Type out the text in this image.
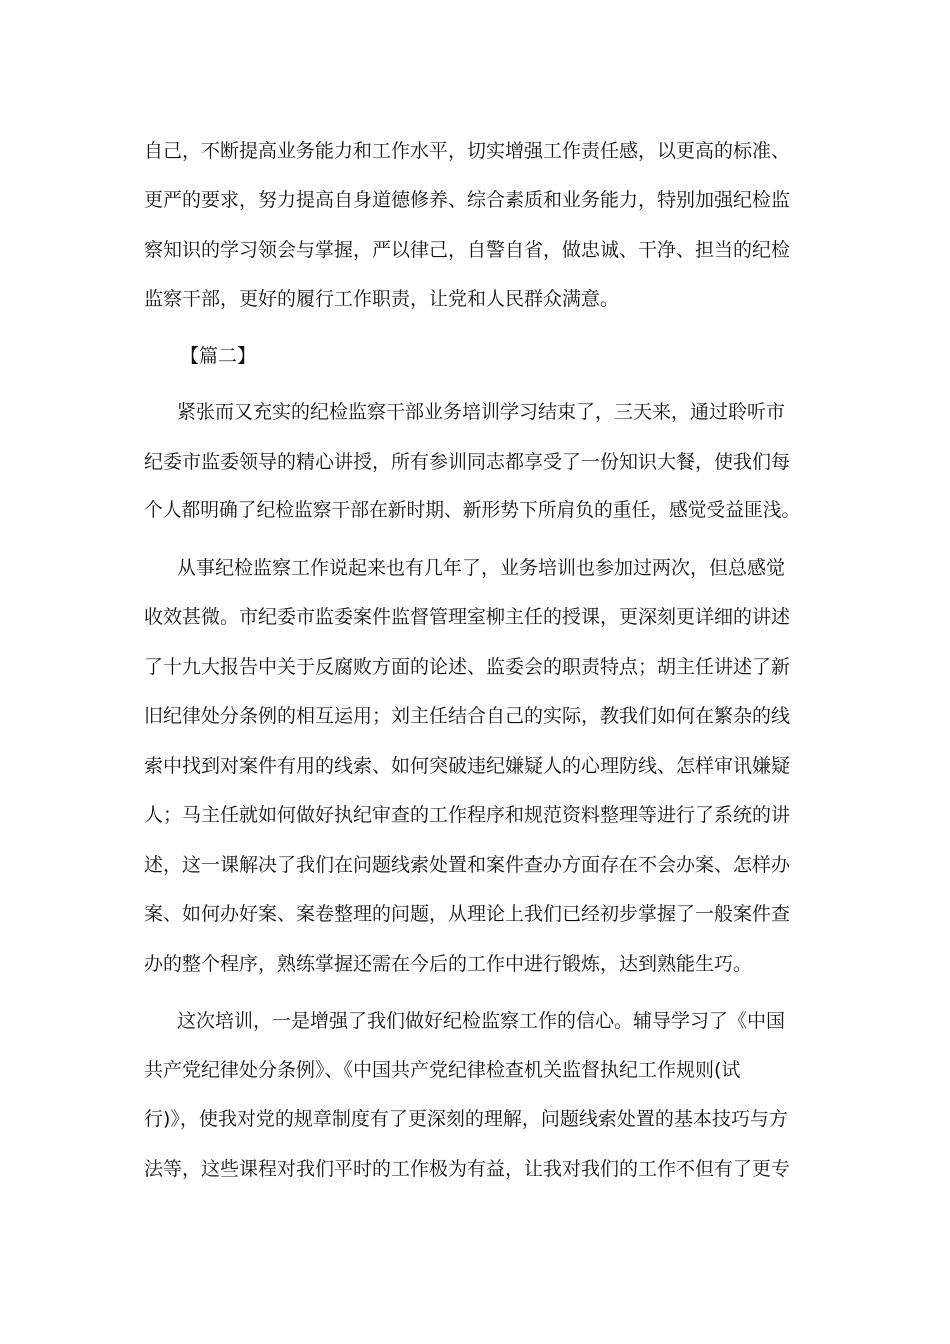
自己，不断提高业务能力和工作水平，切实增强工作责任感，以更高的标准、

更严的要求，努力提高自身道德修养、综合素质和业务能力，特别加强纪检监

察知识的学习领会与掌握，严以律己，自警自省，做忠诚、干净、担当的纪检

监察干部，更好的履行工作职责，让党和人民群众满意。

【篇二】

紧张而又充实的纪检监察干部业务培训学习结束了，三天来，通过聆听市

纪委市监委领导的精心讲授，所有参训同志都享受了一份知识大餐，使我们每

个人都明确了纪检监察干部在新时期、新形势下所肩负的重任，感觉受益匪浅。

从事纪检监察工作说起来也有几年了，业务培训也参加过两次，但总感觉

收效甚微。市纪委市监委案件监督管理室柳主任的授课，更深刻更详细的讲述

了十九大报告中关于反腐败方面的论述、监委会的职责特点；胡主任讲述了新

旧纪律处分条例的相互运用；刘主任结合自己的实际，教我们如何在繁杂的线

索中找到对案件有用的线索、如何突破违纪嫌疑人的心理防线、怎样审讯嫌疑

人；马主任就如何做好执纪审查的工作程序和规范资料整理等进行了系统的讲

述，这一课解决了我们在问题线索处置和案件查办方面存在不会办案、怎样办

案、如何办好案、案卷整理的问题，从理论上我们已经初步掌握了一般案件查

办的整个程序，熟练掌握还需在今后的工作中进行锻炼，达到熟能生巧。

这次培训，一是增强了我们做好纪检监察工作的信心。辅导学习了《中国

共产党纪律处分条例》、《中国共产党纪律检查机关监督执纪工作规则(试

行)》，使我对党的规章制度有了更深刻的理解，问题线索处置的基本技巧与方

法等，这些课程对我们平时的工作极为有益，让我对我们的工作不但有了更专
